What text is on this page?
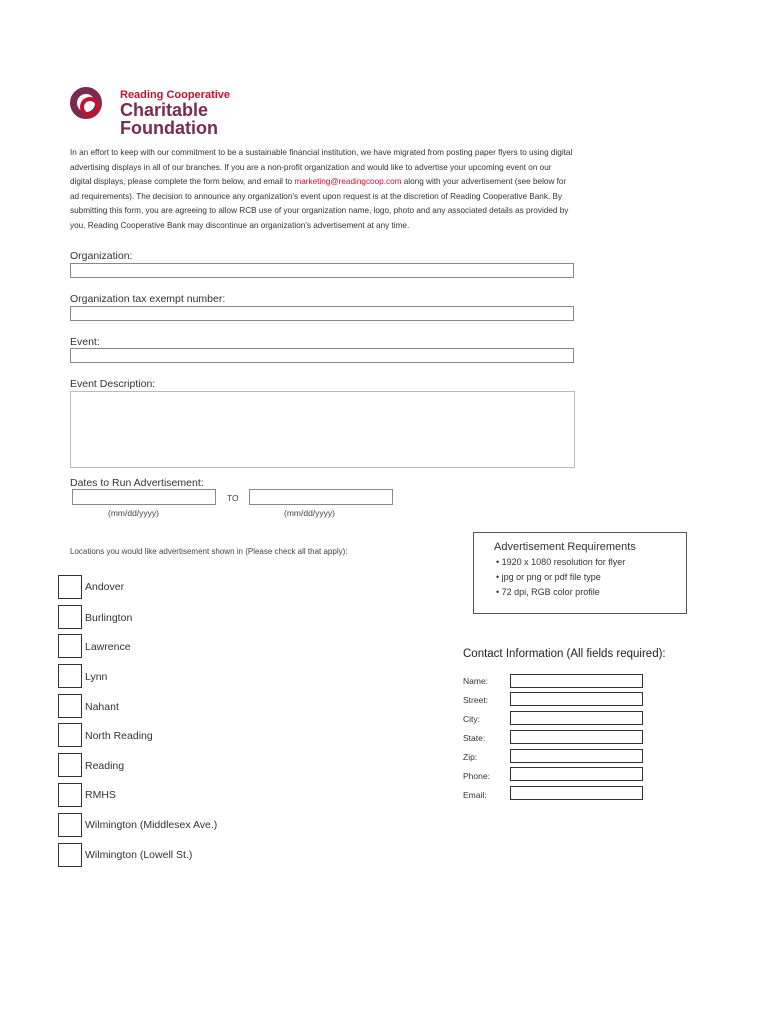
Reading Cooperative
Charitable
Foundation
In an effort to keep with our commitment to be a sustainable financial institution, we have migrated from posting paper flyers to using digital advertising displays in all of our branches. If you are a non-profit organization and would like to advertise your upcoming event on our digital displays, please complete the form below, and email to marketing@readingcoop.com along with your advertisement (see below for ad requirements). The decision to announce any organization's event upon request is at the discretion of Reading Cooperative Bank. By submitting this form, you are agreeing to allow RCB use of your organization name, logo, photo and any associated details as provided by you. Reading Cooperative Bank may discontinue an organization's advertisement at any time.
Organization:
Organization tax exempt number:
Event:
Event Description:
Dates to Run Advertisement:
TO
(mm/dd/yyyy)	(mm/dd/yyyy)
Locations you would like advertisement shown in (Please check all that apply):
Andover
Burlington
Lawrence
Lynn
Nahant
North Reading
Reading
RMHS
Wilmington (Middlesex Ave.)
Wilmington (Lowell St.)
Advertisement Requirements
• 1920 x 1080 resolution for flyer
• jpg or png or pdf file type
• 72 dpi, RGB color profile
Contact Information (All fields required):
Name:
Street:
City:
State:
Zip:
Phone:
Email:
